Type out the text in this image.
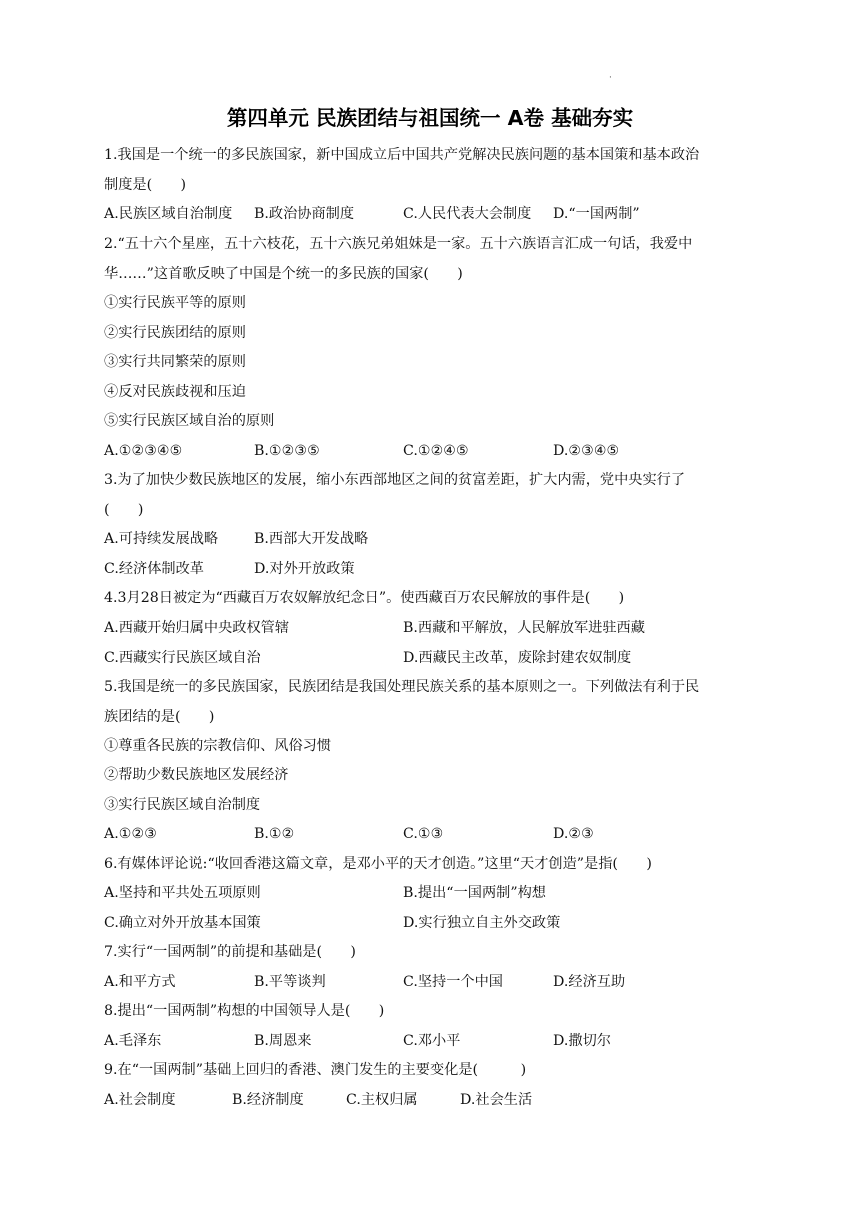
·
第四单元 民族团结与祖国统一 A卷 基础夯实
1.我国是一个统一的多民族国家，新中国成立后中国共产党解决民族问题的基本国策和基本政治
制度是(　　)
A.民族区域自治制度 B.政治协商制度	C.人民代表大会制度 D.“一国两制”
2.“五十六个星座，五十六枝花，五十六族兄弟姐妹是一家。五十六族语言汇成一句话，我爱中
华……”这首歌反映了中国是个统一的多民族的国家(　　)
①实行民族平等的原则
②实行民族团结的原则
③实行共同繁荣的原则
④反对民族歧视和压迫
⑤实行民族区域自治的原则
A.①②③④⑤	B.①②③⑤	C.①②④⑤	D.②③④⑤
3.为了加快少数民族地区的发展，缩小东西部地区之间的贫富差距，扩大内需，党中央实行了
(　　)
A.可持续发展战略	B.西部大开发战略
C.经济体制改革	D.对外开放政策
4.3月28日被定为“西藏百万农奴解放纪念日”。使西藏百万农民解放的事件是(　　)
A.西藏开始归属中央政权管辖	B.西藏和平解放，人民解放军进驻西藏
C.西藏实行民族区域自治	D.西藏民主改革，废除封建农奴制度
5.我国是统一的多民族国家，民族团结是我国处理民族关系的基本原则之一。下列做法有利于民
族团结的是(　　)
①尊重各民族的宗教信仰、风俗习惯
②帮助少数民族地区发展经济
③实行民族区域自治制度
A.①②③	B.①②	C.①③	D.②③
6.有媒体评论说:“收回香港这篇文章，是邓小平的天才创造。”这里“天才创造”是指(　　)
A.坚持和平共处五项原则	B.提出“一国两制”构想
C.确立对外开放基本国策	D.实行独立自主外交政策
7.实行“一国两制”的前提和基础是(　　)
A.和平方式	B.平等谈判	C.坚持一个中国	D.经济互助
8.提出“一国两制”构想的中国领导人是(　　)
A.毛泽东	B.周恩来	C.邓小平	D.撒切尔
9.在“一国两制”基础上回归的香港、澳门发生的主要变化是(　　　)
A.社会制度	B.经济制度	C.主权归属	D.社会生活
